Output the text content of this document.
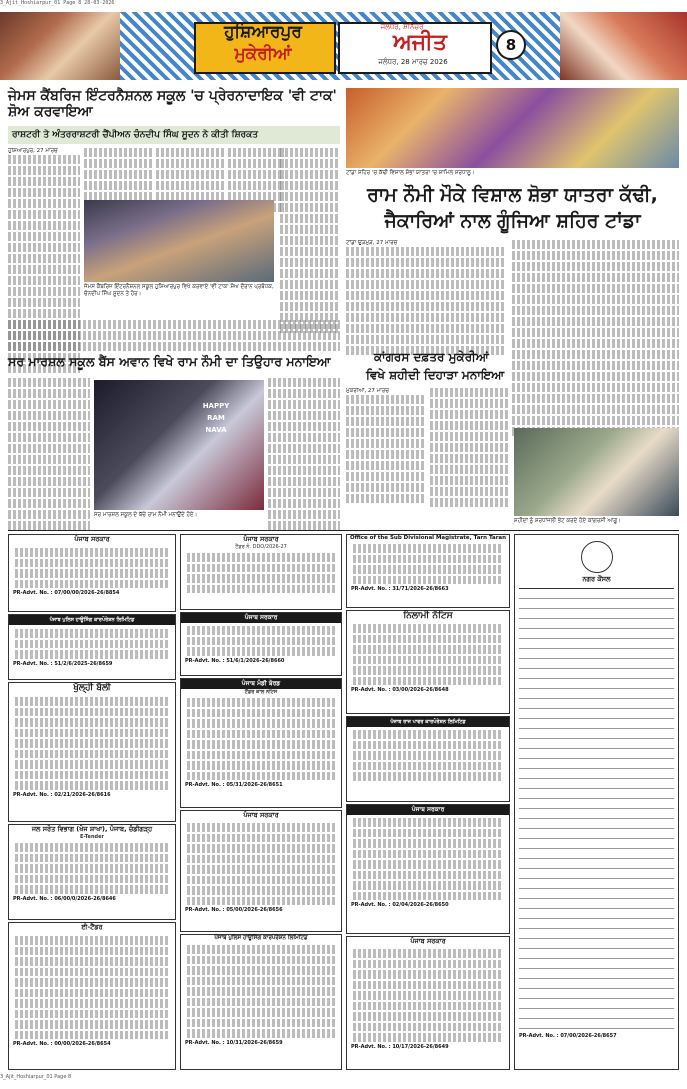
3_Ajit_Hoshiarpur_01 Page 8 28-03-2026
ਹੁਸ਼ਿਆਰਪੁਰ
ਮੁਕੇਰੀਆਂ
ਜਲੰਧਰ, ਸ਼ਨਿੱਚਰ
ਅਜੀਤ
ਜਲੰਧਰ, 28 ਮਾਰਚ 2026
8
ਜੇਮਸ ਕੈਂਬਰਿਜ ਇੰਟਰਨੈਸ਼ਨਲ ਸਕੂਲ 'ਚ ਪ੍ਰੇਰਨਾਦਾਇਕ 'ਵੀ ਟਾਕ' ਸ਼ੋਅ ਕਰਵਾਇਆ
ਰਾਸ਼ਟਰੀ ਤੇ ਅੰਤਰਰਾਸ਼ਟਰੀ ਚੈਂਪੀਅਨ ਚੰਨਦੀਪ ਸਿੰਘ ਸੂਦਨ ਨੇ ਕੀਤੀ ਸ਼ਿਰਕਤ
ਹੁਸ਼ਿਆਰਪੁਰ, 27 ਮਾਰਚ
ਜੇਮਸ ਕੈਂਬਰਿਜ ਇੰਟਰਨੈਸ਼ਨਲ ਸਕੂਲ ਹੁਸ਼ਿਆਰਪੁਰ ਵਿਖੇ ਕਰਵਾਏ 'ਵੀ ਟਾਕ' ਸ਼ੋਅ ਦੌਰਾਨ ਪ੍ਰਬੰਧਕ, ਚੰਨਦੀਪ ਸਿੰਘ ਸੂਦਨ ਤੇ ਹੋਰ।
ਟਾਂਡਾ ਸ਼ਹਿਰ 'ਚ ਕੱਢੀ ਵਿਸ਼ਾਲ ਸ਼ੋਭਾ ਯਾਤਰਾ 'ਚ ਸ਼ਾਮਿਲ ਸ਼ਰਧਾਲੂ।
ਰਾਮ ਨੌਮੀ ਮੌਕੇ ਵਿਸ਼ਾਲ ਸ਼ੋਭਾ ਯਾਤਰਾ ਕੱਢੀ,
ਜੈਕਾਰਿਆਂ ਨਾਲ ਗੂੰਜਿਆ ਸ਼ਹਿਰ ਟਾਂਡਾ
ਟਾਂਡਾ ਉੜਮੁੜ, 27 ਮਾਰਚ
ਕਾਂਗਰਸ ਦਫ਼ਤਰ ਮੁਕੇਰੀਆਂ
ਵਿਖੇ ਸ਼ਹੀਦੀ ਦਿਹਾੜਾ ਮਨਾਇਆ
ਮੁਕੇਰੀਆਂ, 27 ਮਾਰਚ
ਸ਼ਹੀਦਾਂ ਨੂੰ ਸ਼ਰਧਾਂਜਲੀ ਭੇਟ ਕਰਦੇ ਹੋਏ ਕਾਂਗਰਸੀ ਆਗੂ।
ਸਰ ਮਾਰਸ਼ਲ ਸਕੂਲ ਬੈਂਸ ਅਵਾਨ ਵਿਖੇ ਰਾਮ ਨੌਮੀ ਦਾ ਤਿਉਹਾਰ ਮਨਾਇਆ
HAPPY
RAM
NAVA
ਸਰ ਮਾਰਸ਼ਲ ਸਕੂਲ ਦੇ ਬੱਚੇ ਰਾਮ ਨੌਮੀ ਮਨਾਉਂਦੇ ਹੋਏ।
ਪੰਜਾਬ ਸਰਕਾਰ
PR-Advt. No. : 07/00/00/2026-26/8854
ਪੰਜਾਬ ਪੁਲਿਸ ਹਾਊਸਿੰਗ ਕਾਰਪੋਰੇਸ਼ਨ ਲਿਮਿਟਿਡ
PR-Advt. No. : 51/2/6/2025-26/8659
ਖੁੱਲ੍ਹੀ ਬੋਲੀ
PR-Advt. No. : 02/21/2026-26/8616
ਜਲ ਸਰੋਤ ਵਿਭਾਗ (ਖੋਜ ਸ਼ਾਖਾ), ਪੰਜਾਬ, ਚੰਡੀਗੜ੍ਹ
E-Tender
PR-Advt. No. : 06/00/0/2026-26/8646
ਈ-ਟੈਂਡਰ
PR-Advt. No. : 00/00/2026-26/8654
ਪੰਜਾਬ ਸਰਕਾਰ
ਟੈਂਡਰ ਨੰ. DDO/2026-27
ਪੰਜਾਬ ਸਰਕਾਰ
PR-Advt. No. : 51/6/1/2026-26/8660
ਪੰਜਾਬ ਮੰਡੀ ਬੋਰਡ
ਟੈਂਡਰ ਕਾਲ ਨੋਟਿਸ
PR-Advt. No. : 05/31/2026-26/8651
ਪੰਜਾਬ ਸਰਕਾਰ
PR-Advt. No. : 05/00/2026-26/8656
ਪੰਜਾਬ ਪੁਲਿਸ ਹਾਊਸਿੰਗ ਕਾਰਪੋਰੇਸ਼ਨ ਲਿਮਿਟਿਡ
PR-Advt. No. : 10/31/2026-26/8659
Office of the Sub Divisional Magistrate, Tarn Taran
PR-Advt. No. : 31/71/2026-26/8663
ਨਿਲਾਮੀ ਨੋਟਿਸ
PR-Advt. No. : 03/00/2026-26/8648
ਪੰਜਾਬ ਰਾਜ ਪਾਵਰ ਕਾਰਪੋਰੇਸ਼ਨ ਲਿਮਿਟਿਡ
ਪੰਜਾਬ ਸਰਕਾਰ
PR-Advt. No. : 02/04/2026-26/8650
ਪੰਜਾਬ ਸਰਕਾਰ
PR-Advt. No. : 10/17/2026-26/8649
ਨਗਰ ਕੌਂਸਲ
PR-Advt. No. : 07/00/2026-26/8657
3_Ajit_Hoshiarpur_01 Page 8
